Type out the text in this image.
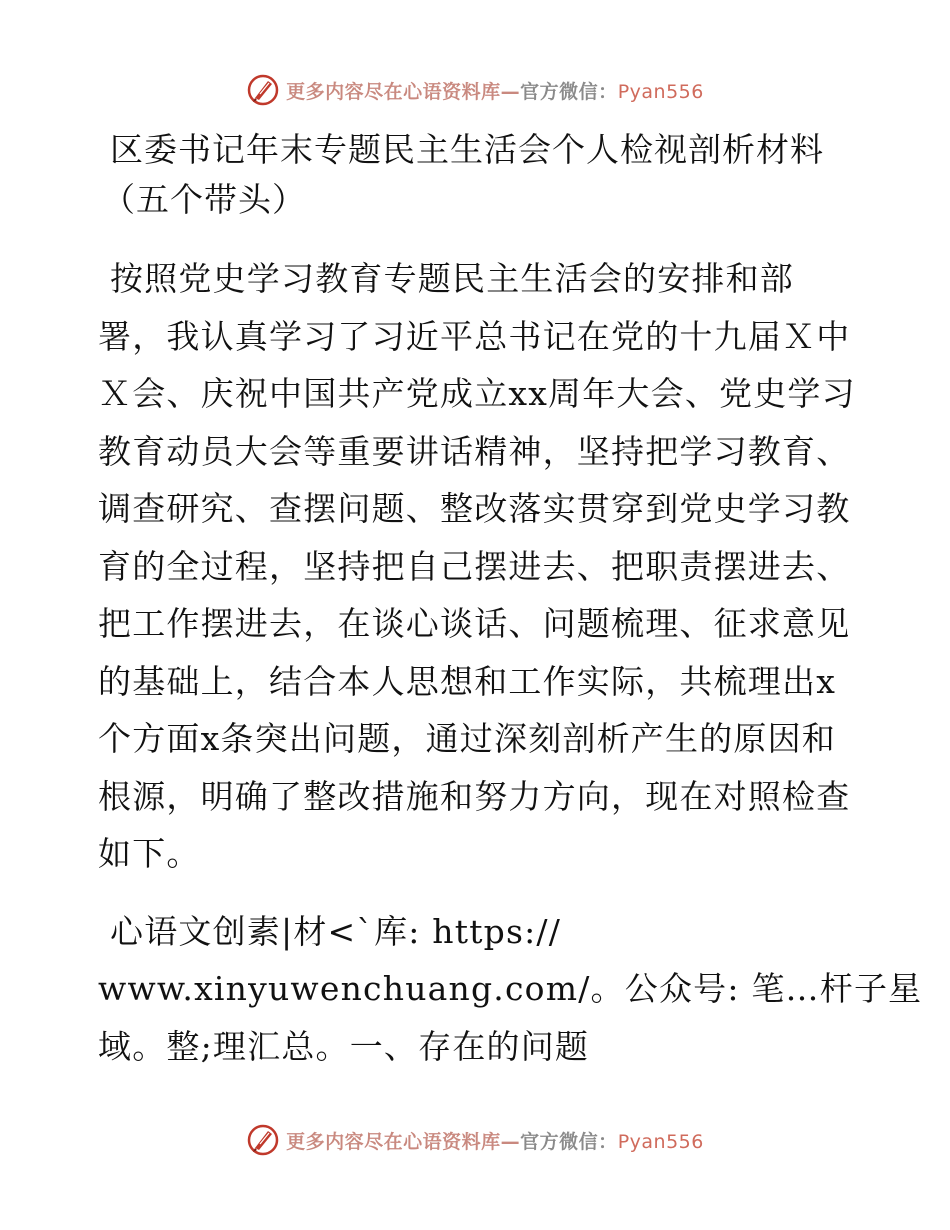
更多内容尽在心语资料库—官方微信：Pyan556
区委书记年末专题民主生活会个人检视剖析材料
（五个带头）
按照党史学习教育专题民主生活会的安排和部
署，我认真学习了习近平总书记在党的十九届Ｘ中
Ｘ会、庆祝中国共产党成立xx周年大会、党史学习
教育动员大会等重要讲话精神，坚持把学习教育、
调查研究、查摆问题、整改落实贯穿到党史学习教
育的全过程，坚持把自己摆进去、把职责摆进去、
把工作摆进去，在谈心谈话、问题梳理、征求意见
的基础上，结合本人思想和工作实际，共梳理出x
个方面x条突出问题，通过深刻剖析产生的原因和
根源，明确了整改措施和努力方向，现在对照检查
如下。
心语文创素|材<`库: https://
www.xinyuwenchuang.com/。公众号: 笔…杆子星
域。整;理汇总。一、存在的问题
更多内容尽在心语资料库—官方微信：Pyan556
